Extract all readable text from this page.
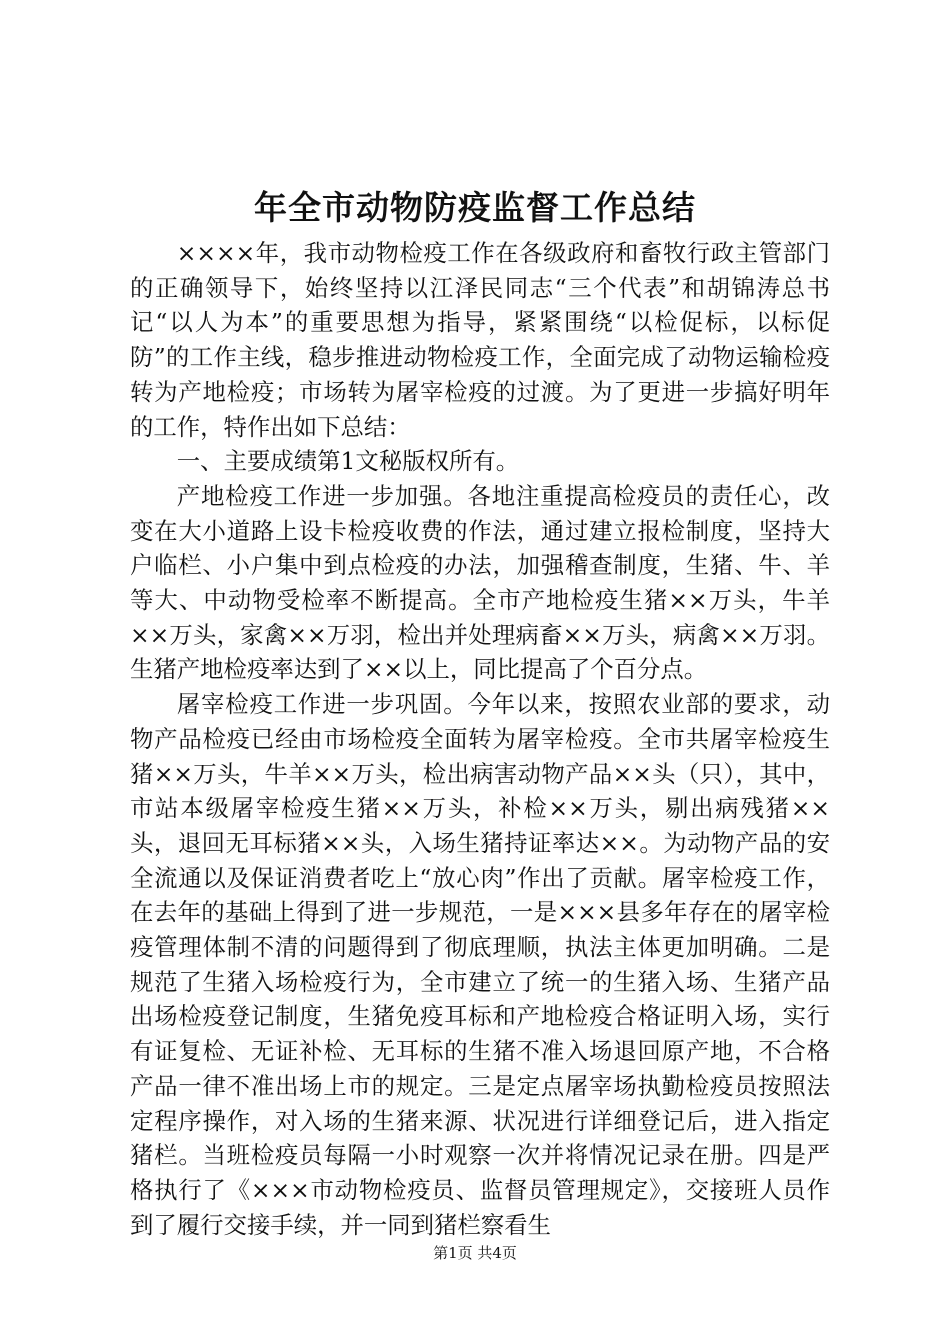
年全市动物防疫监督工作总结

××××年，我市动物检疫工作在各级政府和畜牧行政主管部门的正确领导下，始终坚持以江泽民同志“三个代表”和胡锦涛总书记“以人为本”的重要思想为指导，紧紧围绕“以检促标，以标促防”的工作主线，稳步推进动物检疫工作，全面完成了动物运输检疫转为产地检疫；市场转为屠宰检疫的过渡。为了更进一步搞好明年的工作，特作出如下总结：

一、主要成绩第1文秘版权所有。

产地检疫工作进一步加强。各地注重提高检疫员的责任心，改变在大小道路上设卡检疫收费的作法，通过建立报检制度，坚持大户临栏、小户集中到点检疫的办法，加强稽查制度，生猪、牛、羊等大、中动物受检率不断提高。全市产地检疫生猪××万头，牛羊××万头，家禽××万羽，检出并处理病畜××万头，病禽××万羽。生猪产地检疫率达到了××以上，同比提高了个百分点。

屠宰检疫工作进一步巩固。今年以来，按照农业部的要求，动物产品检疫已经由市场检疫全面转为屠宰检疫。全市共屠宰检疫生猪××万头，牛羊××万头，检出病害动物产品××头（只），其中，市站本级屠宰检疫生猪××万头，补检××万头，剔出病残猪××头，退回无耳标猪××头，入场生猪持证率达××。为动物产品的安全流通以及保证消费者吃上“放心肉”作出了贡献。屠宰检疫工作，在去年的基础上得到了进一步规范，一是×××县多年存在的屠宰检疫管理体制不清的问题得到了彻底理顺，执法主体更加明确。二是规范了生猪入场检疫行为，全市建立了统一的生猪入场、生猪产品出场检疫登记制度，生猪免疫耳标和产地检疫合格证明入场，实行有证复检、无证补检、无耳标的生猪不准入场退回原产地，不合格产品一律不准出场上市的规定。三是定点屠宰场执勤检疫员按照法定程序操作，对入场的生猪来源、状况进行详细登记后，进入指定猪栏。当班检疫员每隔一小时观察一次并将情况记录在册。四是严格执行了《×××市动物检疫员、监督员管理规定》，交接班人员作到了履行交接手续，并一同到猪栏察看生

第1页 共4页
